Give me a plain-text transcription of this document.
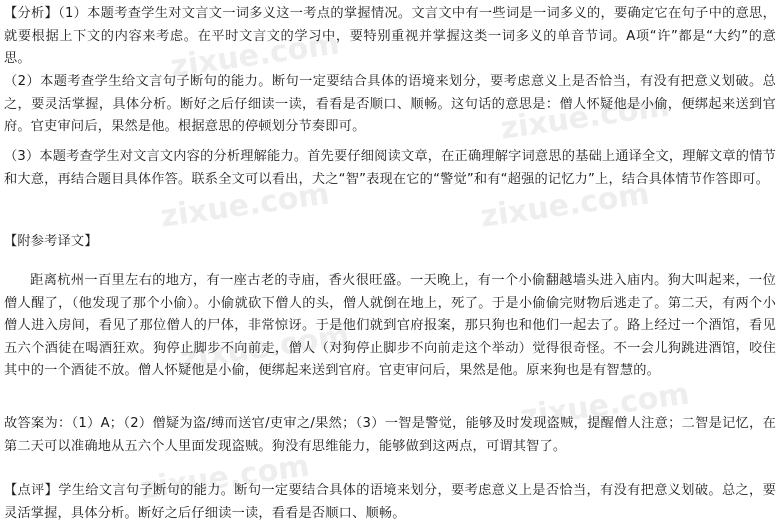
zixue.com
zixue.com
zixue.com	zixue.com
zixue.com
zixue.com
zixue.com

【分析】（1）本题考查学生对文言文一词多义这一考点的掌握情况。文言文中有一些词是一词多义的，要确定它在句子中的意思，就要根据上下文的内容来考虑。在平时文言文的学习中，要特别重视并掌握这类一词多义的单音节词。A项“许”都是“大约”的意思。

（2）本题考查学生给文言句子断句的能力。断句一定要结合具体的语境来划分，要考虑意义上是否恰当，有没有把意义划破。总之，要灵活掌握，具体分析。断好之后仔细读一读，看看是否顺口、顺畅。这句话的意思是：僧人怀疑他是小偷，便绑起来送到官府。官吏审问后，果然是他。根据意思的停顿划分节奏即可。

（3）本题考查学生对文言文内容的分析理解能力。首先要仔细阅读文章，在正确理解字词意思的基础上通译全文，理解文章的情节和大意，再结合题目具体作答。联系全文可以看出，犬之“智”表现在它的“警觉”和有“超强的记忆力”上，结合具体情节作答即可。

【附参考译文】

距离杭州一百里左右的地方，有一座古老的寺庙，香火很旺盛。一天晚上，有一个小偷翻越墙头进入庙内。狗大叫起来，一位僧人醒了，（他发现了那个小偷）。小偷就砍下僧人的头，僧人就倒在地上，死了。于是小偷偷完财物后逃走了。第二天，有两个小僧人进入房间，看见了那位僧人的尸体，非常惊讶。于是他们就到官府报案，那只狗也和他们一起去了。路上经过一个酒馆，看见五六个酒徒在喝酒狂欢。狗停止脚步不向前走，僧人（对狗停止脚步不向前走这个举动）觉得很奇怪。不一会儿狗跳进酒馆，咬住其中的一个酒徒不放。僧人怀疑他是小偷，便绑起来送到官府。官吏审问后，果然是他。原来狗也是有智慧的。

故答案为：（1）A；（2）僧疑为盗/缚而送官/吏审之/果然；（3）一智是警觉，能够及时发现盗贼，提醒僧人注意；二智是记忆，在第二天可以准确地从五六个人里面发现盗贼。狗没有思维能力，能够做到这两点，可谓其智了。

【点评】学生给文言句子断句的能力。断句一定要结合具体的语境来划分，要考虑意义上是否恰当，有没有把意义划破。总之，要灵活掌握，具体分析。断好之后仔细读一读，看看是否顺口、顺畅。
